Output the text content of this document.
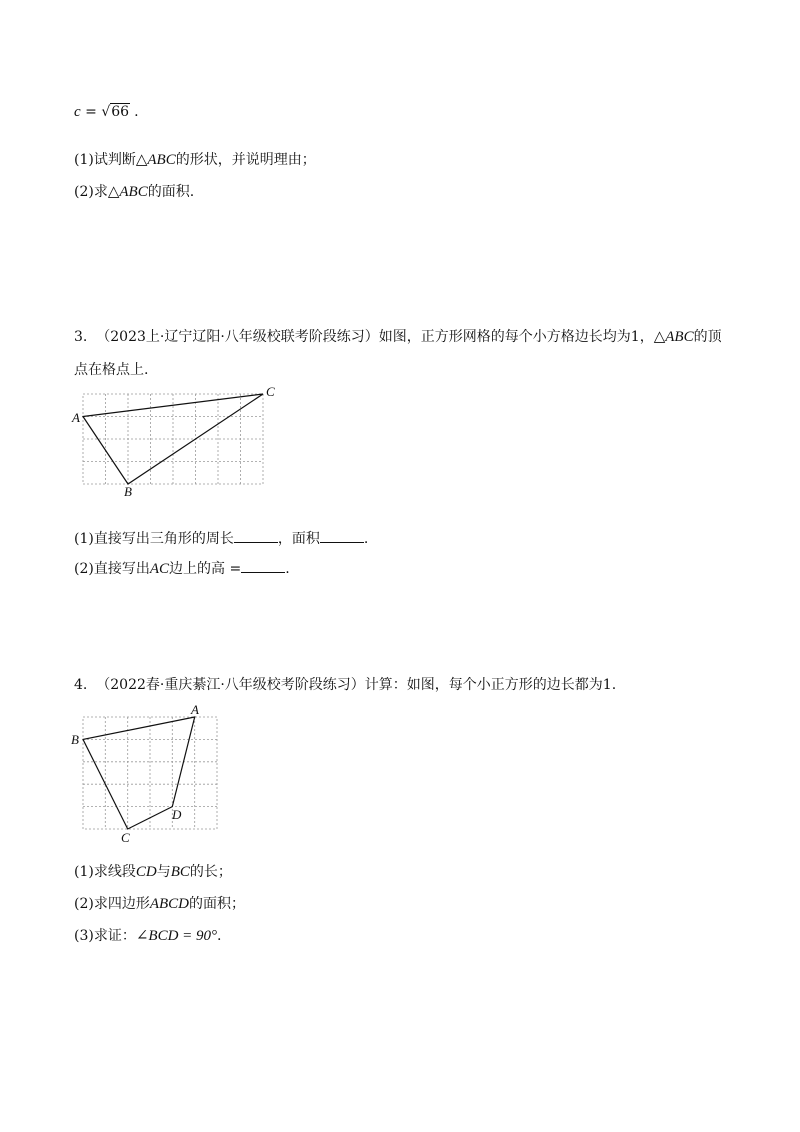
c = √66 .
(1)试判断△ABC的形状，并说明理由；
(2)求△ABC的面积.
3. （2023上·辽宁辽阳·八年级校联考阶段练习）如图，正方形网格的每个小方格边长均为1，△ABC的顶
点在格点上.
A
B
C
(1)直接写出三角形的周长	，面积	.
(2)直接写出AC边上的高 =	.
4. （2022春·重庆綦江·八年级校考阶段练习）计算：如图，每个小正方形的边长都为1.
A
B
C
D
(1)求线段CD与BC的长；
(2)求四边形ABCD的面积；
(3)求证：∠BCD = 90°.
